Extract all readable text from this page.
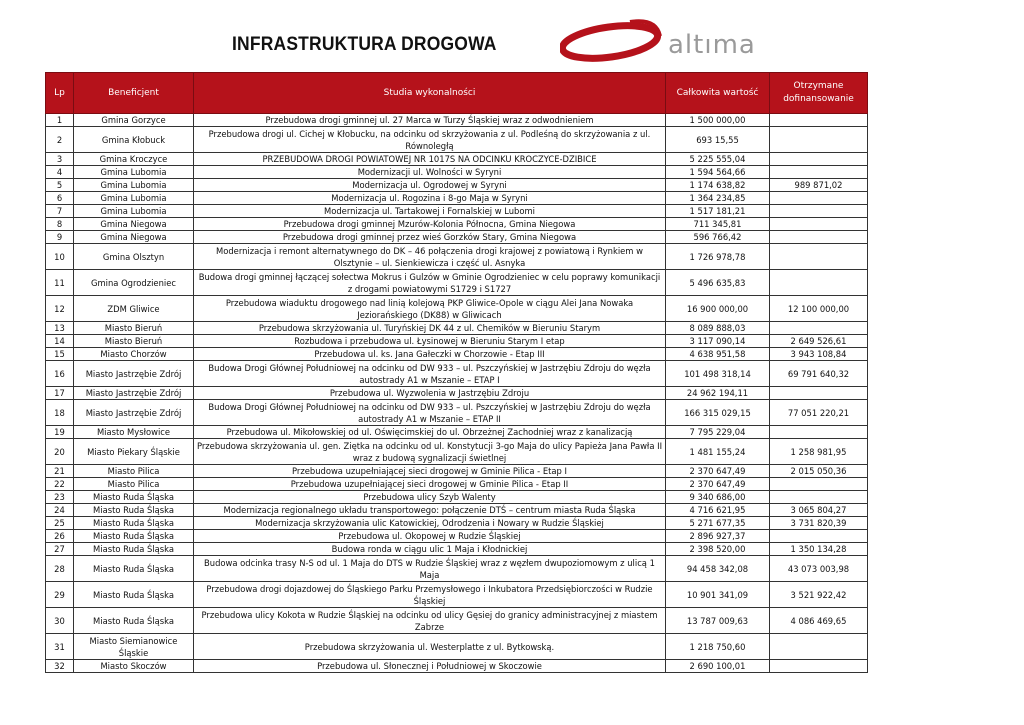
INFRASTRUKTURA DROGOWA	altıma
Lp	Beneficjent	Studia wykonalności	Całkowita wartość	Otrzymane dofinansowanie
1	Gmina Gorzyce	Przebudowa drogi gminnej ul. 27 Marca w Turzy Śląskiej wraz z odwodnieniem	1 500 000,00	
2	Gmina Kłobuck	Przebudowa drogi ul. Cichej w Kłobucku, na odcinku od skrzyżowania z ul. Podleśną do skrzyżowania z ul. Równoległą	693 15,55	
3	Gmina Kroczyce	PRZEBUDOWA DROGI POWIATOWEJ NR 1017S NA ODCINKU KROCZYCE-DZIBICE	5 225 555,04	
4	Gmina Lubomia	Modernizacji ul. Wolności w Syryni	1 594 564,66	
5	Gmina Lubomia	Modernizacja ul. Ogrodowej w Syryni	1 174 638,82	989 871,02
6	Gmina Lubomia	Modernizacja ul. Rogozina i 8-go Maja w Syryni	1 364 234,85	
7	Gmina Lubomia	Modernizacja ul. Tartakowej i Fornalskiej w Lubomi	1 517 181,21	
8	Gmina Niegowa	Przebudowa drogi gminnej Mzurów-Kolonia Północna, Gmina Niegowa	711 345,81	
9	Gmina Niegowa	Przebudowa drogi gminnej przez wieś Gorzków Stary, Gmina Niegowa	596 766,42	
10	Gmina Olsztyn	Modernizacja i remont alternatywnego do DK – 46 połączenia drogi krajowej z powiatową i Rynkiem w Olsztynie – ul. Sienkiewicza i część ul. Asnyka	1 726 978,78	
11	Gmina Ogrodzieniec	Budowa drogi gminnej łączącej sołectwa Mokrus i Gulzów w Gminie Ogrodzieniec w celu poprawy komunikacji z drogami powiatowymi S1729 i S1727	5 496 635,83	
12	ZDM Gliwice	Przebudowa wiaduktu drogowego nad linią kolejową PKP Gliwice-Opole w ciągu Alei Jana Nowaka Jeziorańskiego (DK88) w Gliwicach	16 900 000,00	12 100 000,00
13	Miasto Bieruń	Przebudowa skrzyżowania ul. Turyńskiej DK 44 z ul. Chemików w Bieruniu Starym	8 089 888,03	
14	Miasto Bieruń	Rozbudowa i przebudowa ul. Łysinowej w Bieruniu Starym I etap	3 117 090,14	2 649 526,61
15	Miasto Chorzów	Przebudowa ul. ks. Jana Gałeczki w Chorzowie - Etap III	4 638 951,58	3 943 108,84
16	Miasto Jastrzębie Zdrój	Budowa Drogi Głównej Południowej na odcinku od DW 933 – ul. Pszczyńskiej w Jastrzębiu Zdroju do węzła autostrady A1 w Mszanie – ETAP I	101 498 318,14	69 791 640,32
17	Miasto Jastrzębie Zdrój	Przebudowa ul. Wyzwolenia w Jastrzębiu Zdroju	24 962 194,11	
18	Miasto Jastrzębie Zdrój	Budowa Drogi Głównej Południowej na odcinku od DW 933 – ul. Pszczyńskiej w Jastrzębiu Zdroju do węzła autostrady A1 w Mszanie – ETAP II	166 315 029,15	77 051 220,21
19	Miasto Mysłowice	Przebudowa ul. Mikołowskiej od ul. Oświęcimskiej do ul. Obrzeżnej Zachodniej wraz z kanalizacją	7 795 229,04	
20	Miasto Piekary Śląskie	Przebudowa skrzyżowania ul. gen. Ziętka na odcinku od ul. Konstytucji 3-go Maja do ulicy Papieża Jana Pawła II wraz z budową sygnalizacji świetlnej	1 481 155,24	1 258 981,95
21	Miasto Pilica	Przebudowa uzupełniającej sieci drogowej w Gminie Pilica - Etap I	2 370 647,49	2 015 050,36
22	Miasto Pilica	Przebudowa uzupełniającej sieci drogowej w Gminie Pilica - Etap II	2 370 647,49	
23	Miasto Ruda Śląska	Przebudowa ulicy Szyb Walenty	9 340 686,00	
24	Miasto Ruda Śląska	Modernizacja regionalnego układu transportowego: połączenie DTŚ – centrum miasta Ruda Śląska	4 716 621,95	3 065 804,27
25	Miasto Ruda Śląska	Modernizacja skrzyżowania ulic Katowickiej, Odrodzenia i Nowary w Rudzie Śląskiej	5 271 677,35	3 731 820,39
26	Miasto Ruda Śląska	Przebudowa ul. Okopowej w Rudzie Śląskiej	2 896 927,37	
27	Miasto Ruda Śląska	Budowa ronda w ciągu ulic 1 Maja i Kłodnickiej	2 398 520,00	1 350 134,28
28	Miasto Ruda Śląska	Budowa odcinka trasy N-S od ul. 1 Maja do DTS w Rudzie Śląskiej wraz z węzłem dwupoziomowym z ulicą 1 Maja	94 458 342,08	43 073 003,98
29	Miasto Ruda Śląska	Przebudowa drogi dojazdowej do Śląskiego Parku Przemysłowego i Inkubatora Przedsiębiorczości w Rudzie Śląskiej	10 901 341,09	3 521 922,42
30	Miasto Ruda Śląska	Przebudowa ulicy Kokota w Rudzie Śląskiej na odcinku od ulicy Gęsiej do granicy administracyjnej z miastem Zabrze	13 787 009,63	4 086 469,65
31	Miasto Siemianowice Śląskie	Przebudowa skrzyżowania ul. Westerplatte z ul. Bytkowską.	1 218 750,60	
32	Miasto Skoczów	Przebudowa ul. Słonecznej i Południowej w Skoczowie	2 690 100,01	
